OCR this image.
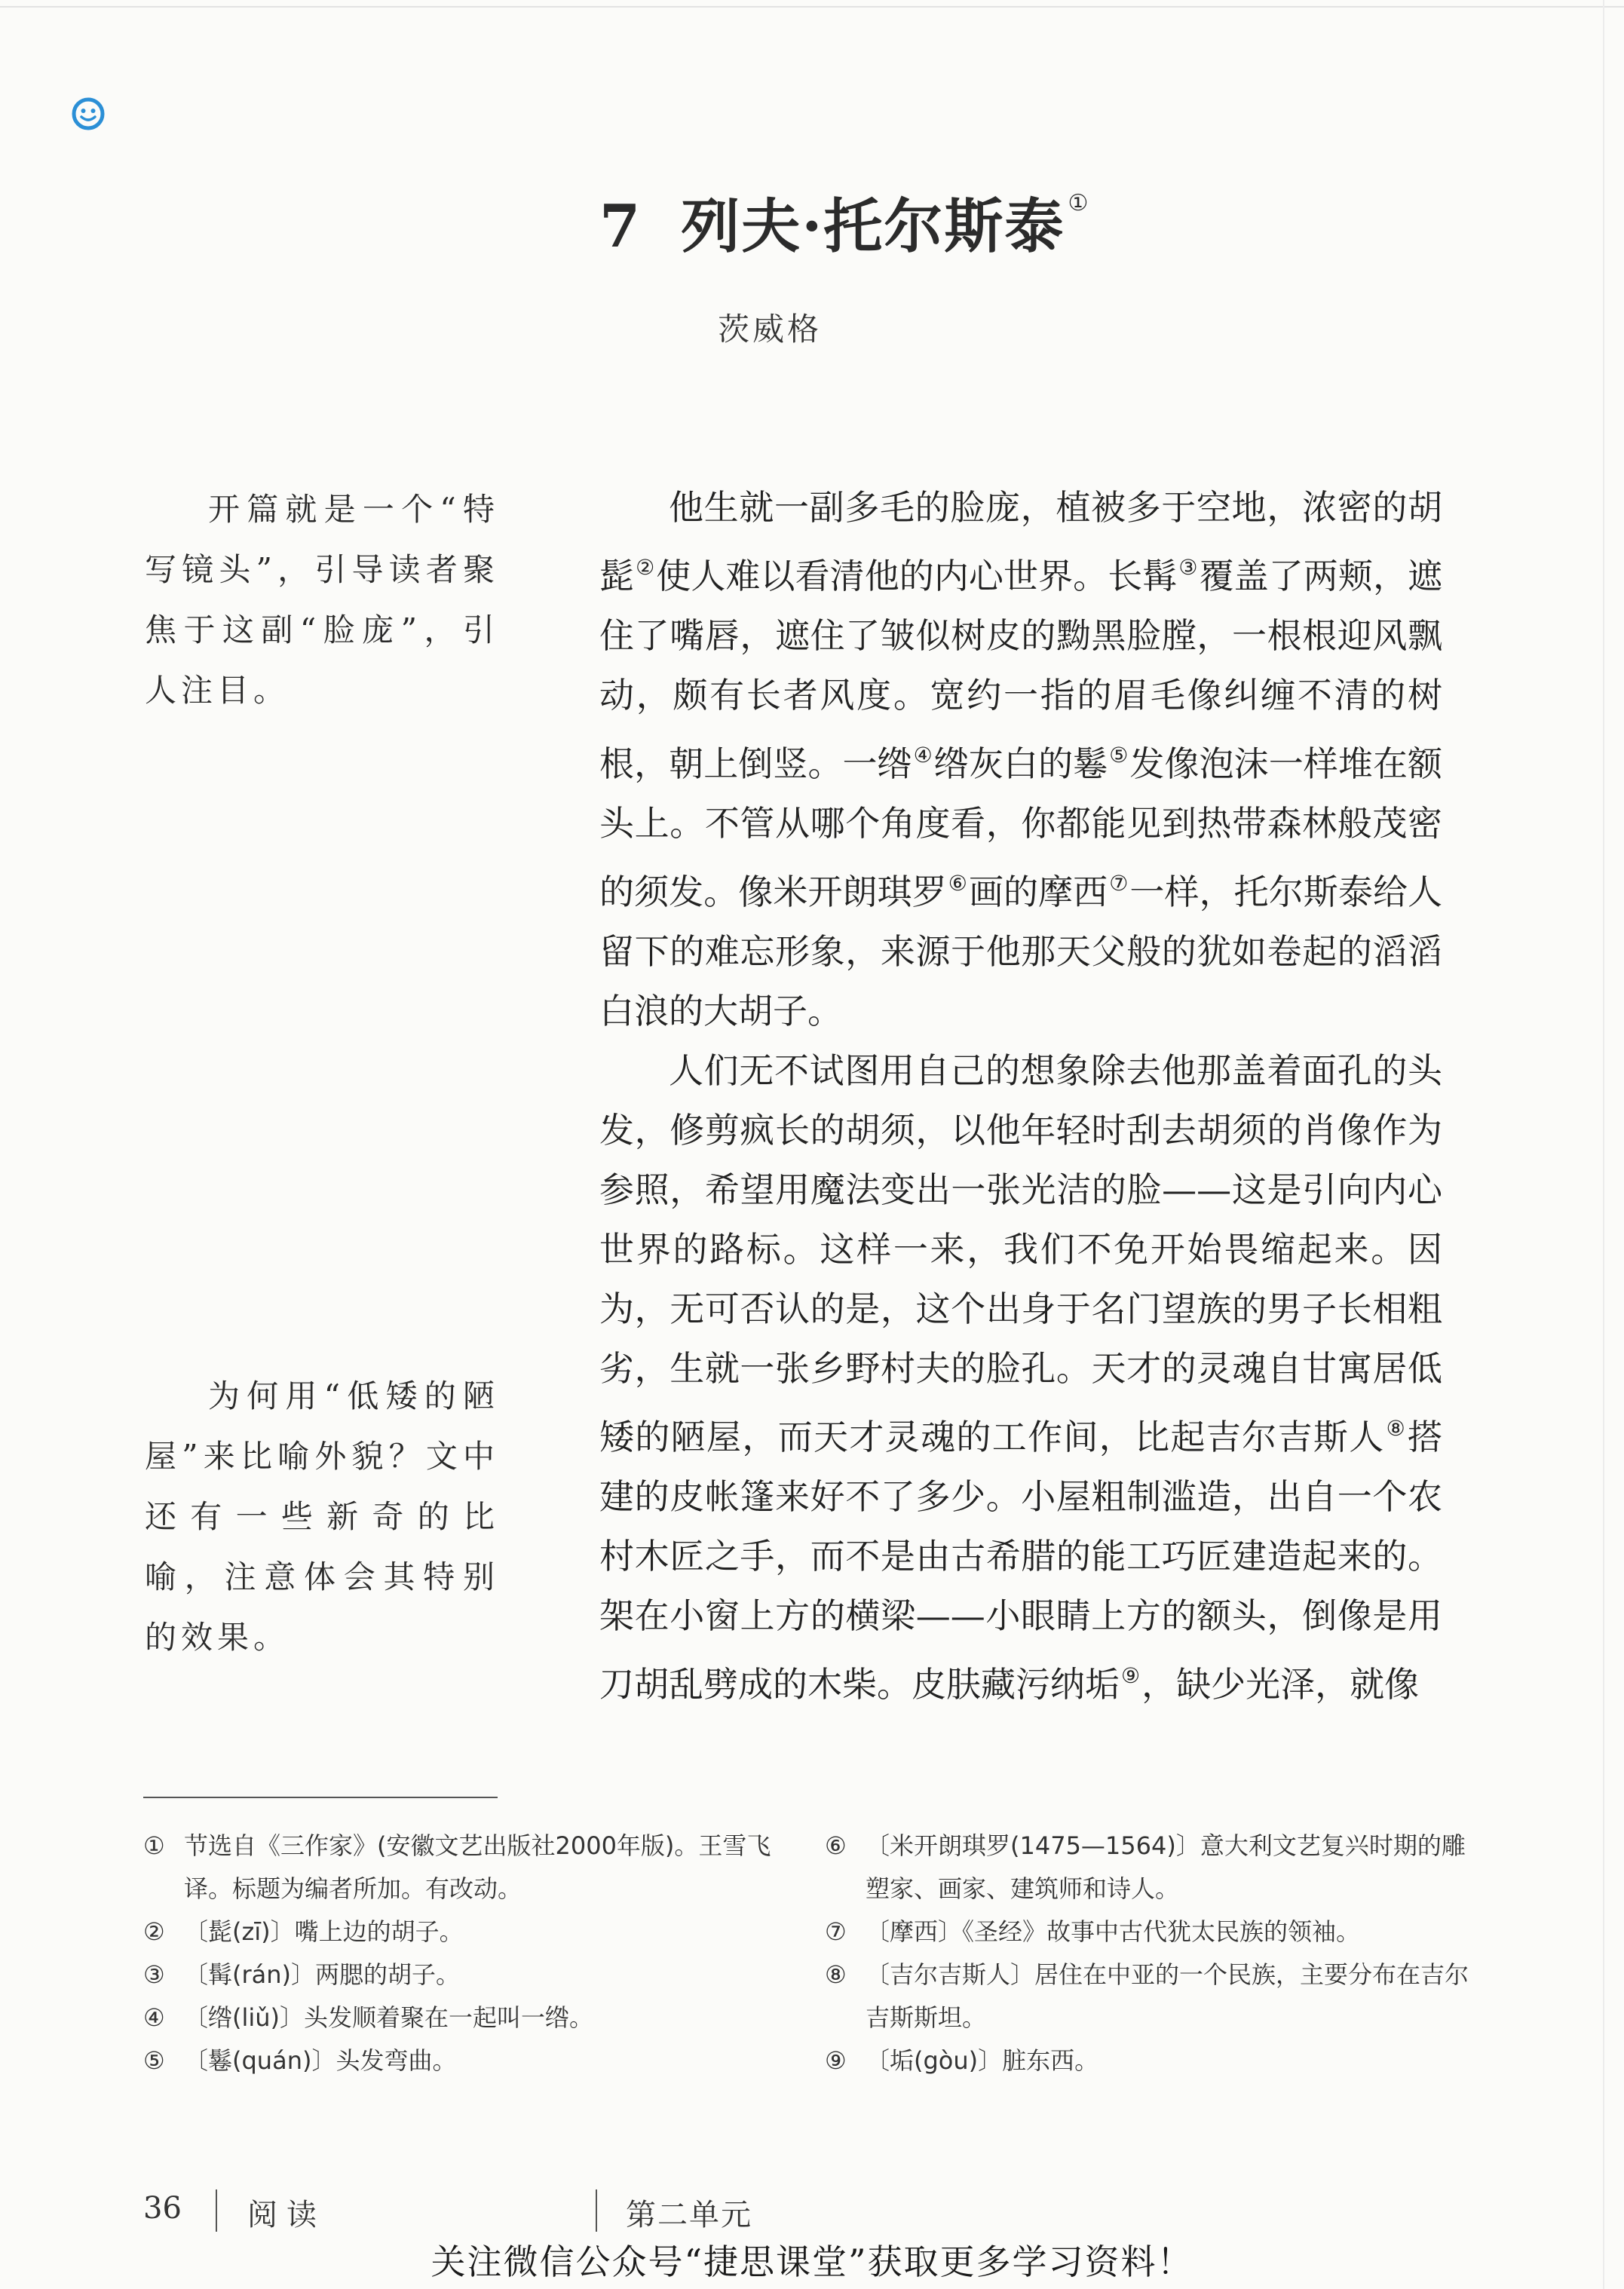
7 列夫·托尔斯泰 ①
茨威格
开篇就是一个“特写镜头”，引导读者聚焦于这副“脸庞”，引人注目。
为何用“低矮的陋屋”来比喻外貌？文中还有一些新奇的比喻，注意体会其特别的效果。

他生就一副多毛的脸庞，植被多于空地，浓密的胡髭②使人难以看清他的内心世界。长髯③覆盖了两颊，遮住了嘴唇，遮住了皱似树皮的黝黑脸膛，一根根迎风飘动，颇有长者风度。宽约一指的眉毛像纠缠不清的树根，朝上倒竖。一绺④绺灰白的鬈⑤发像泡沫一样堆在额头上。不管从哪个角度看，你都能见到热带森林般茂密的须发。像米开朗琪罗⑥画的摩西⑦一样，托尔斯泰给人留下的难忘形象，来源于他那天父般的犹如卷起的滔滔白浪的大胡子。

人们无不试图用自己的想象除去他那盖着面孔的头发，修剪疯长的胡须，以他年轻时刮去胡须的肖像作为参照，希望用魔法变出一张光洁的脸——这是引向内心世界的路标。这样一来，我们不免开始畏缩起来。因为，无可否认的是，这个出身于名门望族的男子长相粗劣，生就一张乡野村夫的脸孔。天才的灵魂自甘寓居低矮的陋屋，而天才灵魂的工作间，比起吉尔吉斯人⑧搭建的皮帐篷来好不了多少。小屋粗制滥造，出自一个农村木匠之手，而不是由古希腊的能工巧匠建造起来的。架在小窗上方的横梁——小眼睛上方的额头，倒像是用刀胡乱劈成的木柴。皮肤藏污纳垢⑨，缺少光泽，就像

① 节选自《三作家》(安徽文艺出版社2000年版)。王雪飞译。标题为编者所加。有改动。
② 〔髭(zī)〕嘴上边的胡子。
③ 〔髯(rán)〕两腮的胡子。
④ 〔绺(liǔ)〕头发顺着聚在一起叫一绺。
⑤ 〔鬈(quán)〕头发弯曲。
⑥ 〔米开朗琪罗(1475—1564)〕意大利文艺复兴时期的雕塑家、画家、建筑师和诗人。
⑦ 〔摩西〕《圣经》故事中古代犹太民族的领袖。
⑧ 〔吉尔吉斯人〕居住在中亚的一个民族，主要分布在吉尔吉斯斯坦。
⑨ 〔垢(gòu)〕脏东西。
36 阅读	第二单元
关注微信公众号“捷思课堂”获取更多学习资料！
